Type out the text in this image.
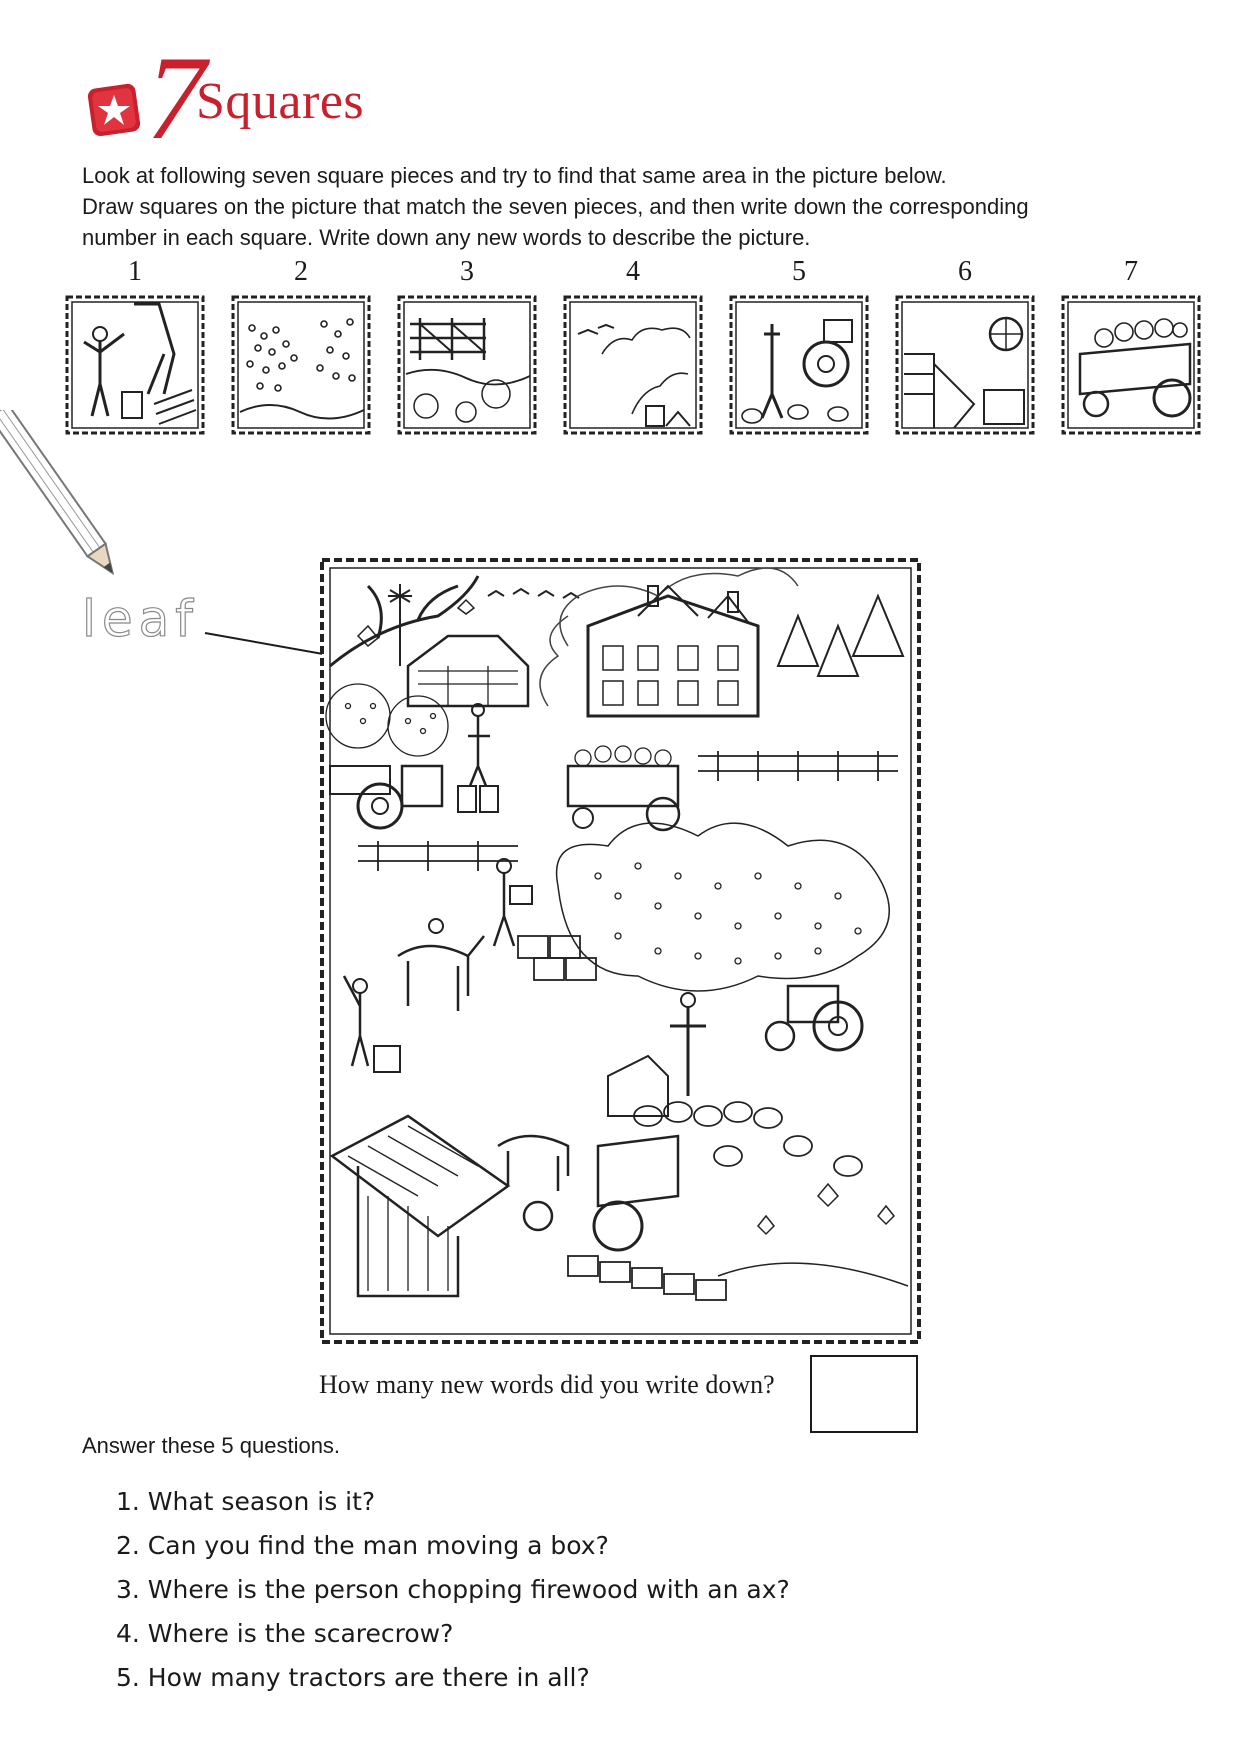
7
Squares

Look at following seven square pieces and try to find that same area in the picture below.

Draw squares on the picture that match the seven pieces, and then write down the corresponding

number in each square. Write down any new words to describe the picture.

1	2	3	4	5	6	7
leaf
How many new words did you write down?
Answer these 5 questions.
1. What season is it?
2. Can you find the man moving a box?
3. Where is the person chopping firewood with an ax?
4. Where is the scarecrow?
5. How many tractors are there in all?
